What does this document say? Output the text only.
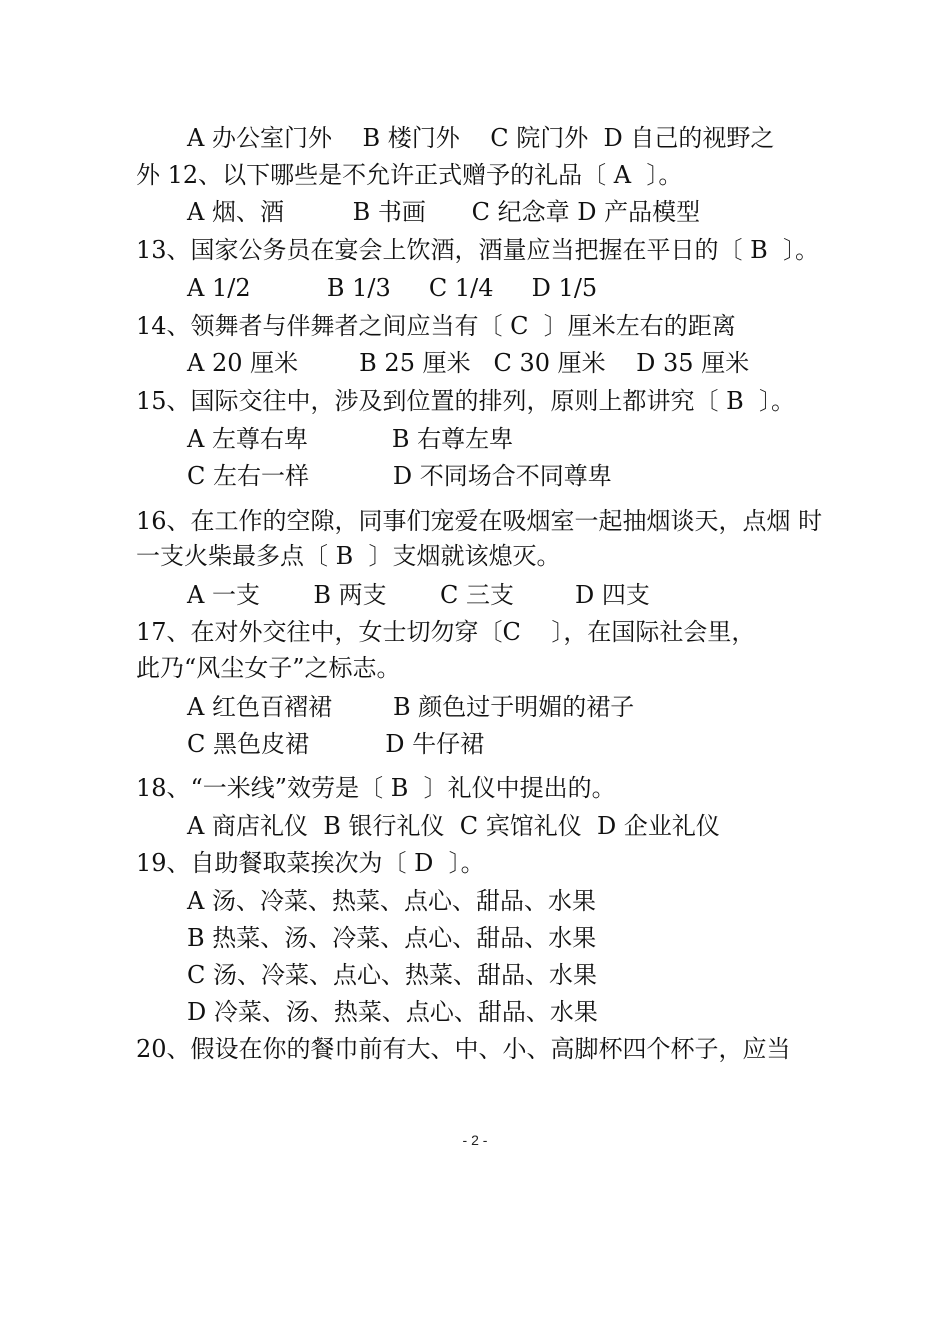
A 办公室门外    B 楼门外    C 院门外  D 自己的视野之
外 12、以下哪些是不允许正式赠予的礼品〔 A  〕。
A 烟、酒         B 书画      C 纪念章 D 产品模型
13、国家公务员在宴会上饮酒，酒量应当把握在平日的〔 B  〕。
A 1/2          B 1/3     C 1/4     D 1/5
14、领舞者与伴舞者之间应当有〔 C  〕厘米左右的距离
A 20 厘米        B 25 厘米   C 30 厘米    D 35 厘米
15、国际交往中，涉及到位置的排列，原则上都讲究〔 B  〕。
A 左尊右卑           B 右尊左卑
C 左右一样           D 不同场合不同尊卑
16、在工作的空隙，同事们宠爱在吸烟室一起抽烟谈天，点烟 时
一支火柴最多点〔 B  〕支烟就该熄灭。
A 一支       B 两支       C 三支        D 四支
17、在对外交往中，女士切勿穿〔C    〕，在国际社会里，
此乃“风尘女子”之标志。
A 红色百褶裙        B 颜色过于明媚的裙子
C 黑色皮裙          D 牛仔裙
18、“一米线”效劳是〔 B  〕礼仪中提出的。
A 商店礼仪  B 银行礼仪  C 宾馆礼仪  D 企业礼仪
19、自助餐取菜挨次为〔 D  〕。
A 汤、冷菜、热菜、点心、甜品、水果
B 热菜、汤、冷菜、点心、甜品、水果
C 汤、冷菜、点心、热菜、甜品、水果
D 冷菜、汤、热菜、点心、甜品、水果
20、假设在你的餐巾前有大、中、小、高脚杯四个杯子，应当
- 2 -
